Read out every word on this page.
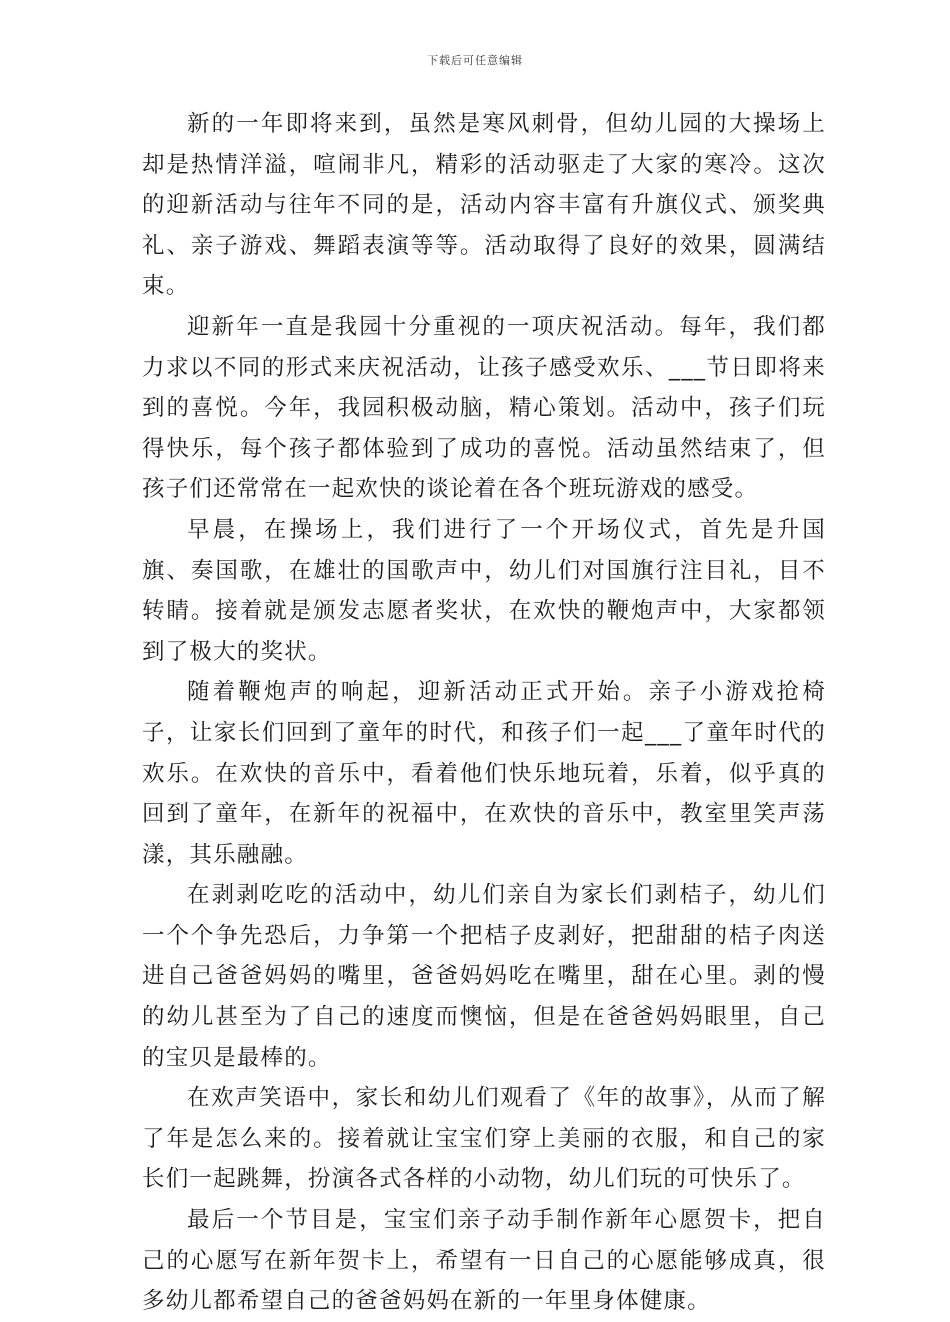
下载后可任意编辑

新的一年即将来到，虽然是寒风刺骨，但幼儿园的大操场上却是热情洋溢，喧闹非凡，精彩的活动驱走了大家的寒冷。这次的迎新活动与往年不同的是，活动内容丰富有升旗仪式、颁奖典礼、亲子游戏、舞蹈表演等等。活动取得了良好的效果，圆满结束。

迎新年一直是我园十分重视的一项庆祝活动。每年，我们都力求以不同的形式来庆祝活动，让孩子感受欢乐、___节日即将来到的喜悦。今年，我园积极动脑，精心策划。活动中，孩子们玩得快乐，每个孩子都体验到了成功的喜悦。活动虽然结束了，但孩子们还常常在一起欢快的谈论着在各个班玩游戏的感受。

早晨，在操场上，我们进行了一个开场仪式，首先是升国旗、奏国歌，在雄壮的国歌声中，幼儿们对国旗行注目礼，目不转睛。接着就是颁发志愿者奖状，在欢快的鞭炮声中，大家都领到了极大的奖状。

随着鞭炮声的响起，迎新活动正式开始。亲子小游戏抢椅子，让家长们回到了童年的时代，和孩子们一起___了童年时代的欢乐。在欢快的音乐中，看着他们快乐地玩着，乐着，似乎真的回到了童年，在新年的祝福中，在欢快的音乐中，教室里笑声荡漾，其乐融融。

在剥剥吃吃的活动中，幼儿们亲自为家长们剥桔子，幼儿们一个个争先恐后，力争第一个把桔子皮剥好，把甜甜的桔子肉送进自己爸爸妈妈的嘴里，爸爸妈妈吃在嘴里，甜在心里。剥的慢的幼儿甚至为了自己的速度而懊恼，但是在爸爸妈妈眼里，自己的宝贝是最棒的。

在欢声笑语中，家长和幼儿们观看了《年的故事》，从而了解了年是怎么来的。接着就让宝宝们穿上美丽的衣服，和自己的家长们一起跳舞，扮演各式各样的小动物，幼儿们玩的可快乐了。

最后一个节目是，宝宝们亲子动手制作新年心愿贺卡，把自己的心愿写在新年贺卡上，希望有一日自己的心愿能够成真，很多幼儿都希望自己的爸爸妈妈在新的一年里身体健康。
